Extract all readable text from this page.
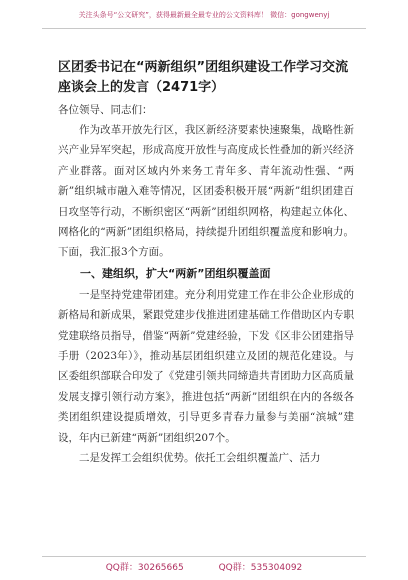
关注头条号“公文研究”，获得最新最全最专业的公文资料库！ 微信：gongwenyj

区团委书记在“两新组织”团组织建设工作学习交流座谈会上的发言（2471字）

各位领导、同志们：

作为改革开放先行区，我区新经济要素快速聚集，战略性新兴产业异军突起，形成高度开放性与高度成长性叠加的新兴经济产业群落。面对区域内外来务工青年多、青年流动性强、“两新”组织城市融入难等情况，区团委积极开展“两新”组织团建百日攻坚等行动，不断织密区“两新”团组织网格，构建起立体化、网格化的“两新”团组织格局，持续提升团组织覆盖度和影响力。下面，我汇报3个方面。

一、建组织，扩大“两新”团组织覆盖面

一是坚持党建带团建。充分利用党建工作在非公企业形成的新格局和新成果，紧跟党建步伐推进团建基础工作借助区内专职党建联络员指导，借鉴“两新”党建经验，下发《区非公团建指导手册（2023年）》，推动基层团组织建立及团的规范化建设。与区委组织部联合印发了《党建引领共同缔造共青团助力区高质量发展支撑引领行动方案》，推进包括“两新”团组织在内的各级各类团组织建设提质增效，引导更多青春力量参与美丽“滨城”建设，年内已新建“两新”团组织207个。

二是发挥工会组织优势。依托工会组织覆盖广、活力

QQ群：30265665	QQ群：535304092
